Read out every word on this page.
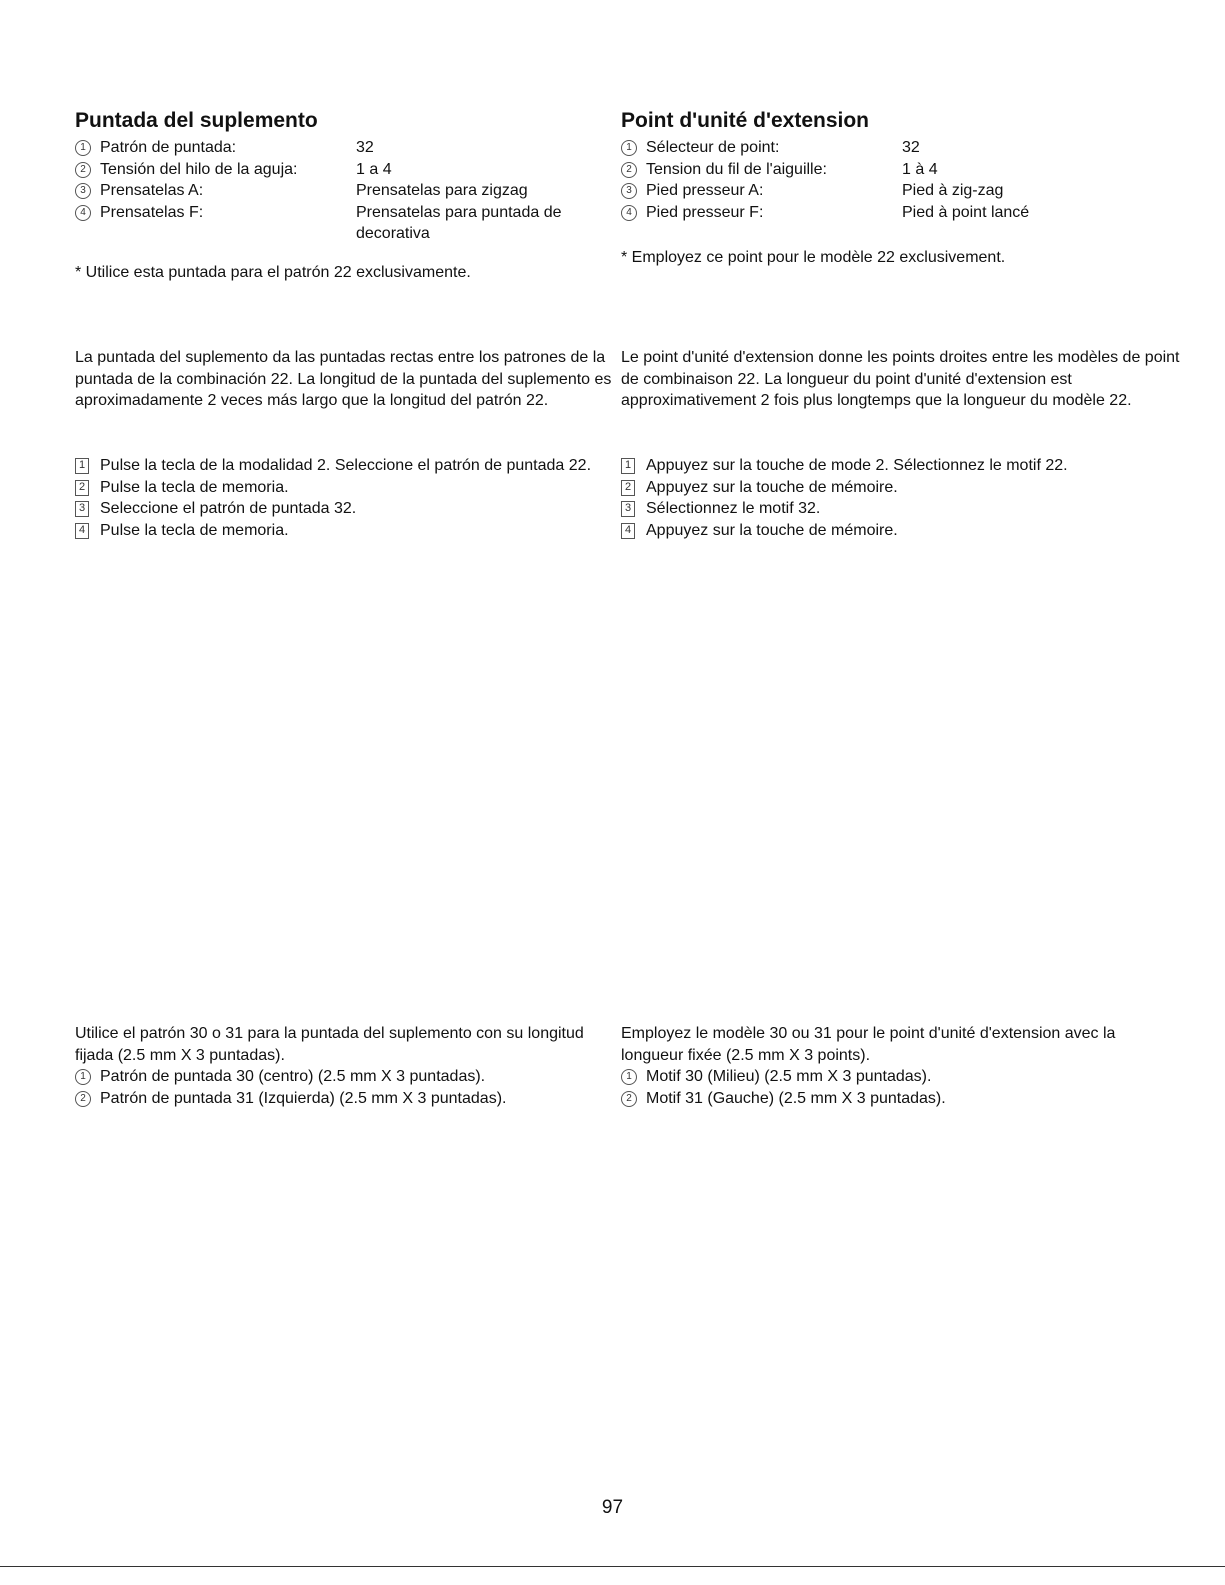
Puntada del suplemento
1 Patrón de puntada:	32
2 Tensión del hilo de la aguja:	1 a 4
3 Prensatelas A:	Prensatelas para zigzag
4 Prensatelas F:	Prensatelas para puntada de decorativa
* Utilice esta puntada para el patrón 22 exclusivamente.

La puntada del suplemento da las puntadas rectas entre los patrones de la puntada de la combinación 22. La longitud de la puntada del suplemento es aproximadamente 2 veces más largo que la longitud del patrón 22.

1 Pulse la tecla de la modalidad 2. Seleccione el patrón de puntada 22.
2 Pulse la tecla de memoria.
3 Seleccione el patrón de puntada 32.
4 Pulse la tecla de memoria.
Utilice el patrón 30 o 31 para la puntada del suplemento con su longitud fijada (2.5 mm X 3 puntadas).
1 Patrón de puntada 30 (centro) (2.5 mm X 3 puntadas).
2 Patrón de puntada 31 (Izquierda) (2.5 mm X 3 puntadas).
Point d'unité d'extension
1 Sélecteur de point:	32
2 Tension du fil de l'aiguille:	1 à 4
3 Pied presseur A:	Pied à zig-zag
4 Pied presseur F:	Pied à point lancé
* Employez ce point pour le modèle 22 exclusivement.

Le point d'unité d'extension donne les points droites entre les modèles de point de combinaison 22. La longueur du point d'unité d'extension est approximativement 2 fois plus longtemps que la longueur du modèle 22.

1 Appuyez sur la touche de mode 2. Sélectionnez le motif 22.
2 Appuyez sur la touche de mémoire.
3 Sélectionnez le motif 32.
4 Appuyez sur la touche de mémoire.
Employez le modèle 30 ou 31 pour le point d'unité d'extension avec la longueur fixée (2.5 mm X 3 points).
1 Motif 30 (Milieu) (2.5 mm X 3 puntadas).
2 Motif 31 (Gauche) (2.5 mm X 3 puntadas).
97
